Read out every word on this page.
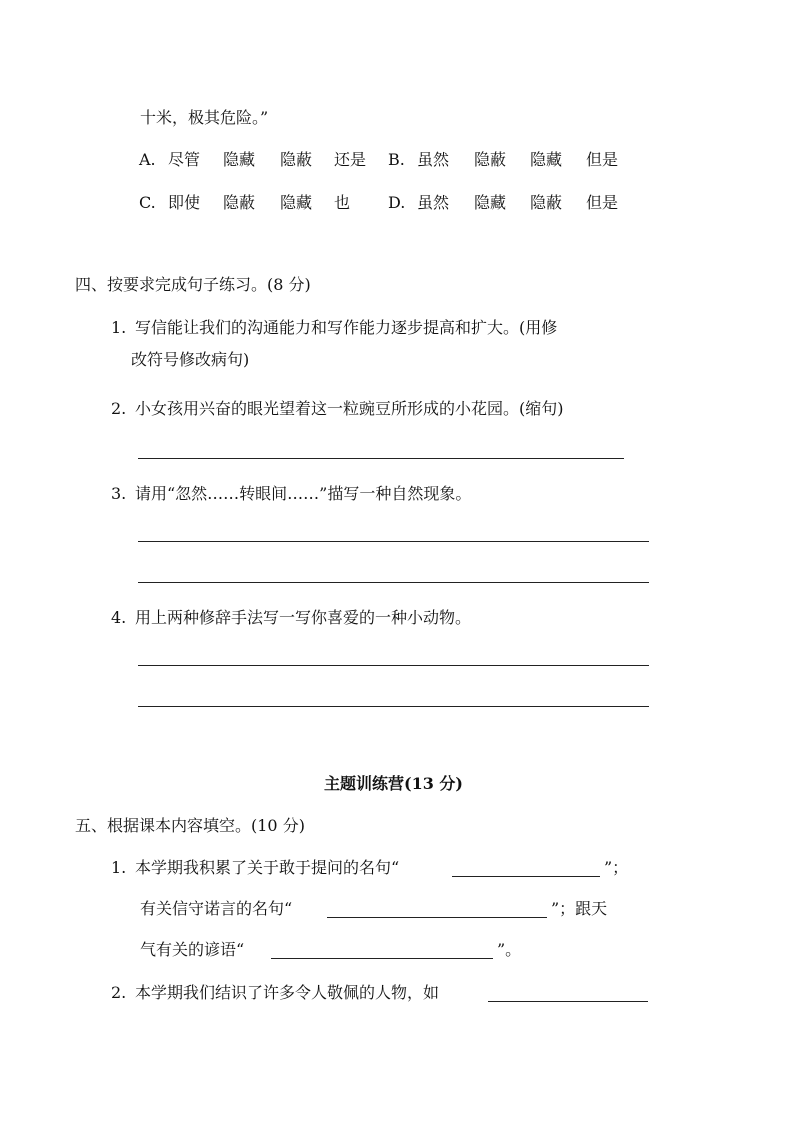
十米，极其危险。”
A. 尽管 隐藏 隐蔽 还是 B. 虽然 隐蔽 隐藏 但是
C. 即使 隐蔽 隐藏 也 D. 虽然 隐藏 隐蔽 但是
四、按要求完成句子练习。(8 分)
1. 写信能让我们的沟通能力和写作能力逐步提高和扩大。(用修
改符号修改病句)
2. 小女孩用兴奋的眼光望着这一粒豌豆所形成的小花园。(缩句)
3. 请用“忽然……转眼间……”描写一种自然现象。
4. 用上两种修辞手法写一写你喜爱的一种小动物。
主题训练营(13 分)
五、根据课本内容填空。(10 分)
1. 本学期我积累了关于敢于提问的名句“	”；
有关信守诺言的名句“	”；跟天
气有关的谚语“	”。
2. 本学期我们结识了许多令人敬佩的人物，如
